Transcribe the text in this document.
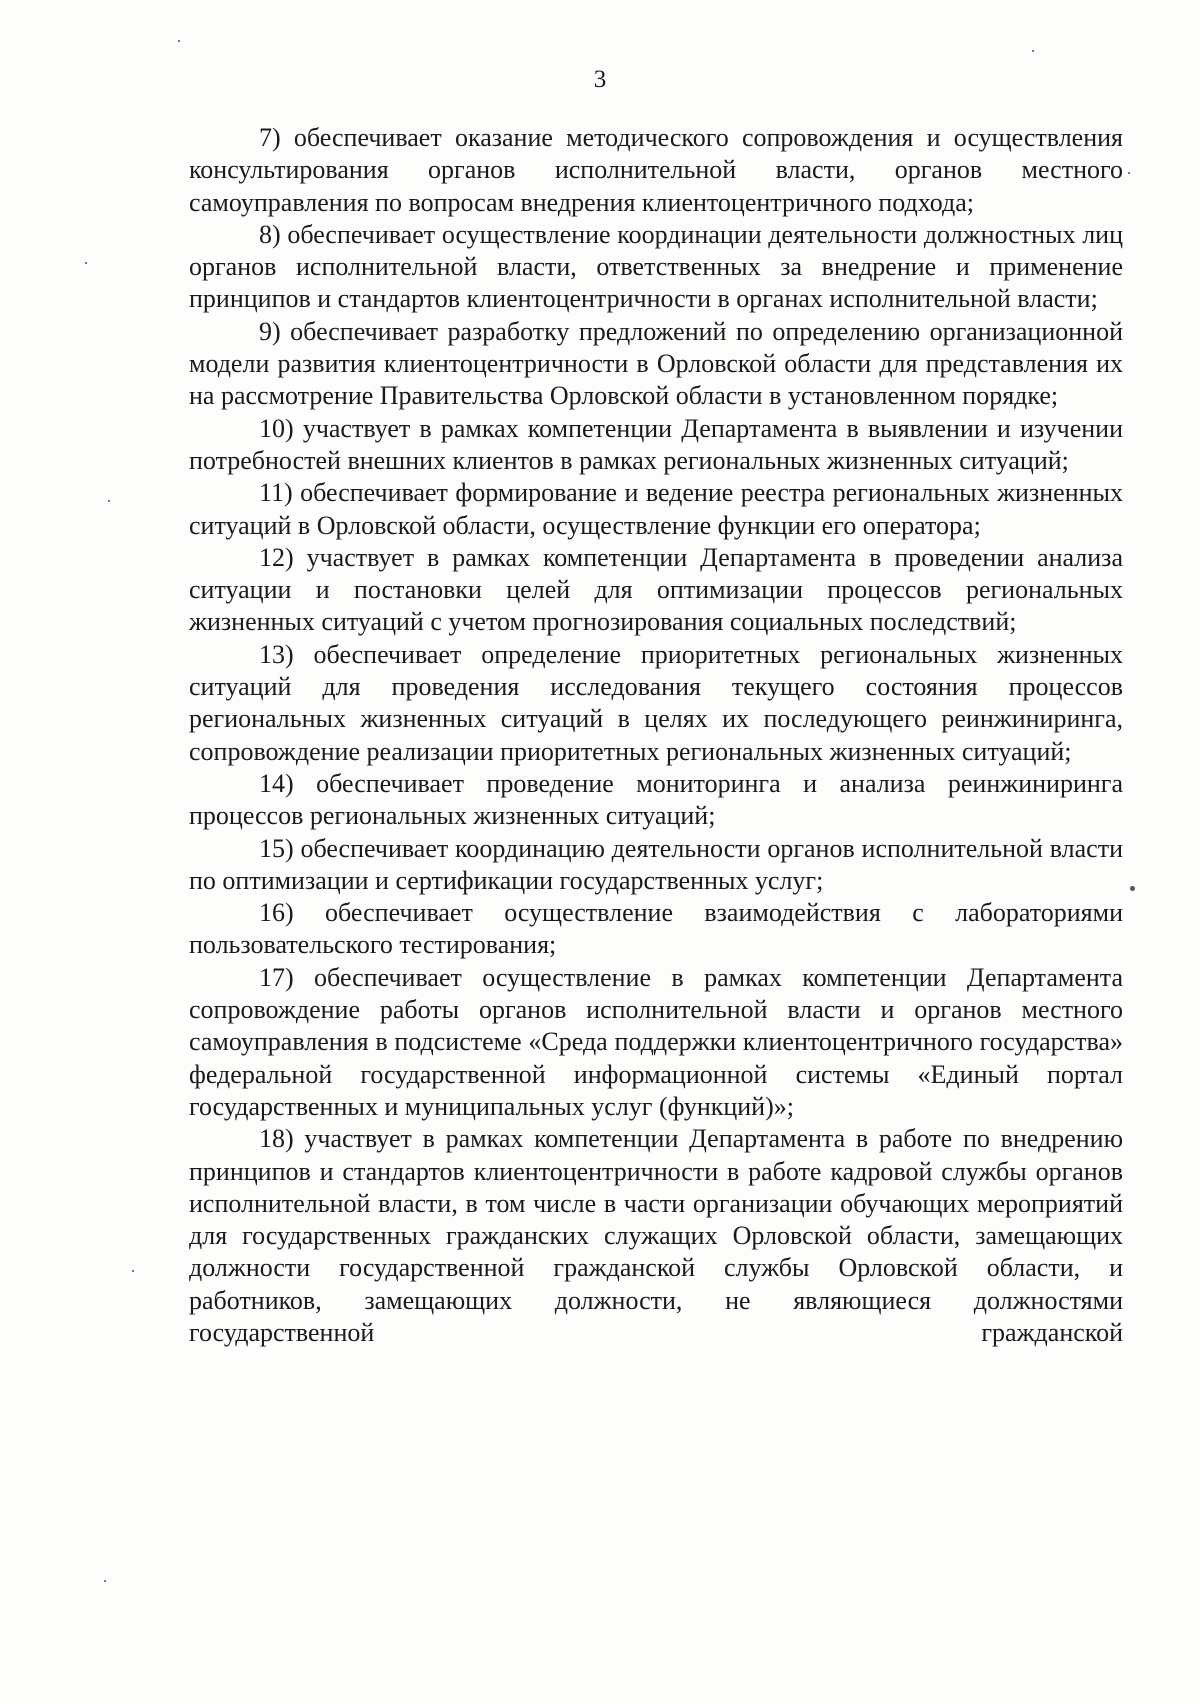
3

7) обеспечивает оказание методического сопровождения и осуществления консультирования органов исполнительной власти, органов местного самоуправления по вопросам внедрения клиентоцентричного подхода;

8) обеспечивает осуществление координации деятельности должностных лиц органов исполнительной власти, ответственных за внедрение и применение принципов и стандартов клиентоцентричности в органах исполнительной власти;

9) обеспечивает разработку предложений по определению организационной модели развития клиентоцентричности в Орловской области для представления их на рассмотрение Правительства Орловской области в установленном порядке;

10) участвует в рамках компетенции Департамента в выявлении и изучении потребностей внешних клиентов в рамках региональных жизненных ситуаций;

11) обеспечивает формирование и ведение реестра региональных жизненных ситуаций в Орловской области, осуществление функции его оператора;

12) участвует в рамках компетенции Департамента в проведении анализа ситуации и постановки целей для оптимизации процессов региональных жизненных ситуаций с учетом прогнозирования социальных последствий;

13) обеспечивает определение приоритетных региональных жизненных ситуаций для проведения исследования текущего состояния процессов региональных жизненных ситуаций в целях их последующего реинжиниринга, сопровождение реализации приоритетных региональных жизненных ситуаций;

14) обеспечивает проведение мониторинга и анализа реинжиниринга процессов региональных жизненных ситуаций;

15) обеспечивает координацию деятельности органов исполнительной власти по оптимизации и сертификации государственных услуг;

16) обеспечивает осуществление взаимодействия с лабораториями пользовательского тестирования;

17) обеспечивает осуществление в рамках компетенции Департамента сопровождение работы органов исполнительной власти и органов местного самоуправления в подсистеме «Среда поддержки клиентоцентричного государства» федеральной государственной информационной системы «Единый портал государственных и муниципальных услуг (функций)»;

18) участвует в рамках компетенции Департамента в работе по внедрению принципов и стандартов клиентоцентричности в работе кадровой службы органов исполнительной власти, в том числе в части организации обучающих мероприятий для государственных гражданских служащих Орловской области, замещающих должности государственной гражданской службы Орловской области, и работников, замещающих должности, не являющиеся должностями государственной гражданской
